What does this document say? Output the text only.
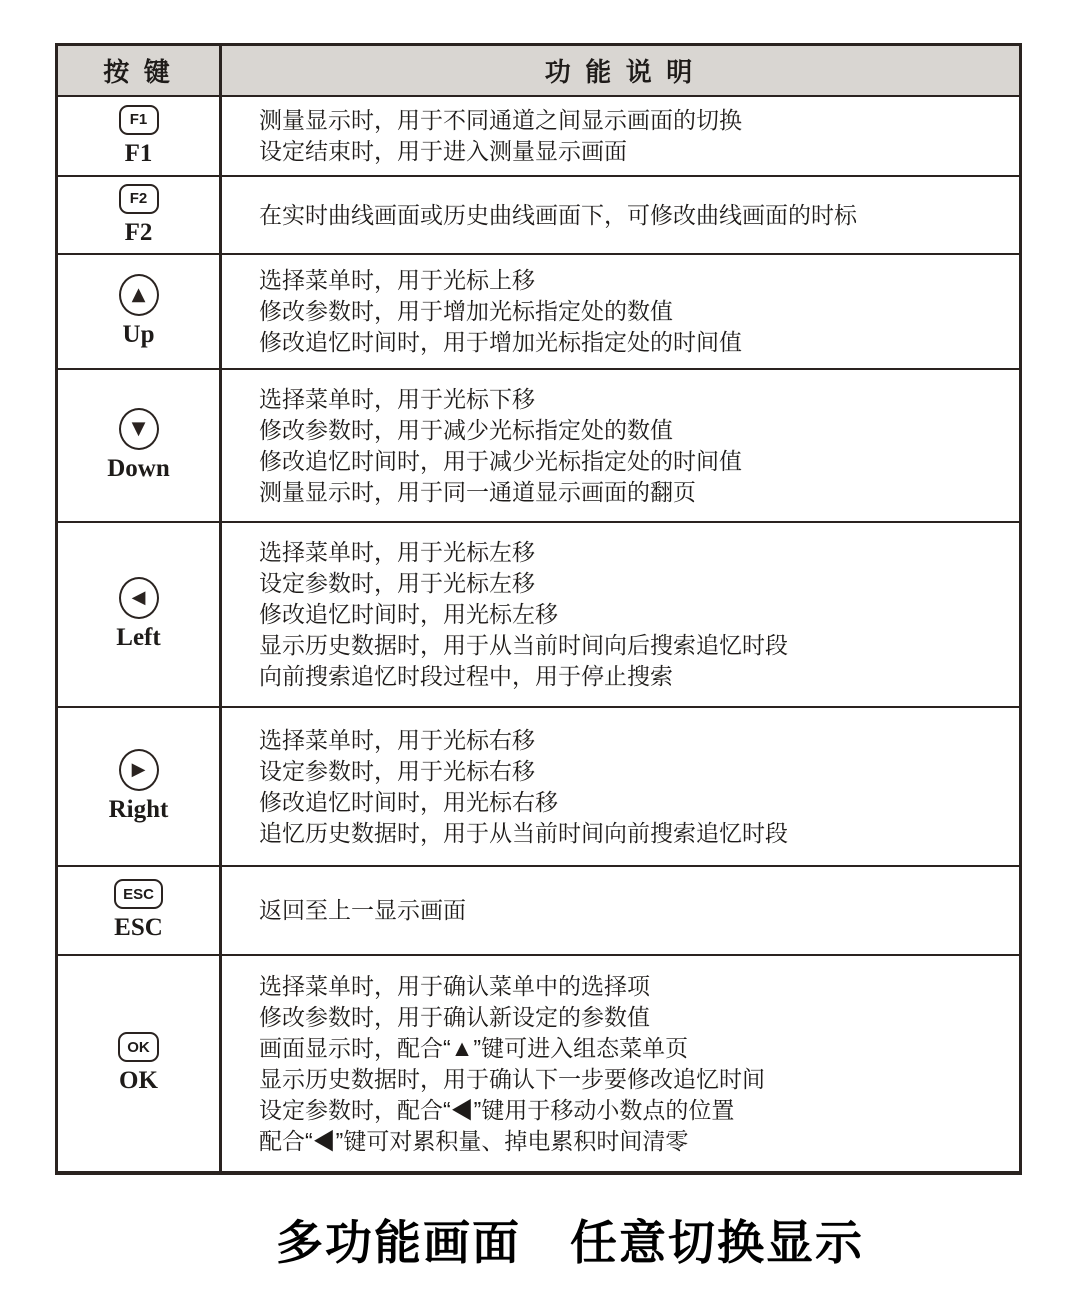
按 键	功 能 说 明
F1
F1
测量显示时，用于不同通道之间显示画面的切换
设定结束时，用于进入测量显示画面
F2
F2
在实时曲线画面或历史曲线画面下，可修改曲线画面的时标
▲
Up
选择菜单时，用于光标上移
修改参数时，用于增加光标指定处的数值
修改追忆时间时，用于增加光标指定处的时间值
▼
Down
选择菜单时，用于光标下移
修改参数时，用于减少光标指定处的数值
修改追忆时间时，用于减少光标指定处的时间值
测量显示时，用于同一通道显示画面的翻页
◀
Left
选择菜单时，用于光标左移
设定参数时，用于光标左移
修改追忆时间时，用光标左移
显示历史数据时，用于从当前时间向后搜索追忆时段
向前搜索追忆时段过程中，用于停止搜索
▶
Right
选择菜单时，用于光标右移
设定参数时，用于光标右移
修改追忆时间时，用光标右移
追忆历史数据时，用于从当前时间向前搜索追忆时段
ESC
ESC
返回至上一显示画面
OK
OK
选择菜单时，用于确认菜单中的选择项
修改参数时，用于确认新设定的参数值
画面显示时，配合“▲”键可进入组态菜单页
显示历史数据时，用于确认下一步要修改追忆时间
设定参数时，配合“◀”键用于移动小数点的位置
配合“◀”键可对累积量、掉电累积时间清零
多功能画面　任意切换显示
